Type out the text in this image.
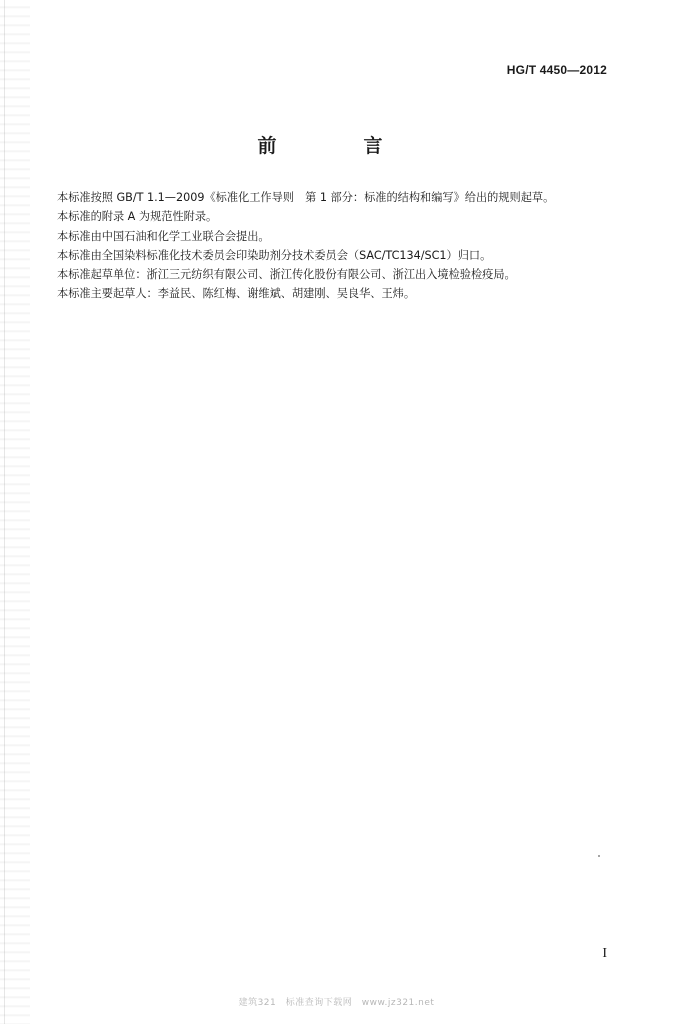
HG/T 4450—2012
前　言
本标准按照 GB/T 1.1—2009《标准化工作导则　第 1 部分：标准的结构和编写》给出的规则起草。
本标准的附录 A 为规范性附录。
本标准由中国石油和化学工业联合会提出。
本标准由全国染料标准化技术委员会印染助剂分技术委员会（SAC/TC134/SC1）归口。
本标准起草单位：浙江三元纺织有限公司、浙江传化股份有限公司、浙江出入境检验检疫局。
本标准主要起草人：李益民、陈红梅、谢维斌、胡建刚、吴良华、王炜。
I
建筑321　标准查询下载网　www.jz321.net
